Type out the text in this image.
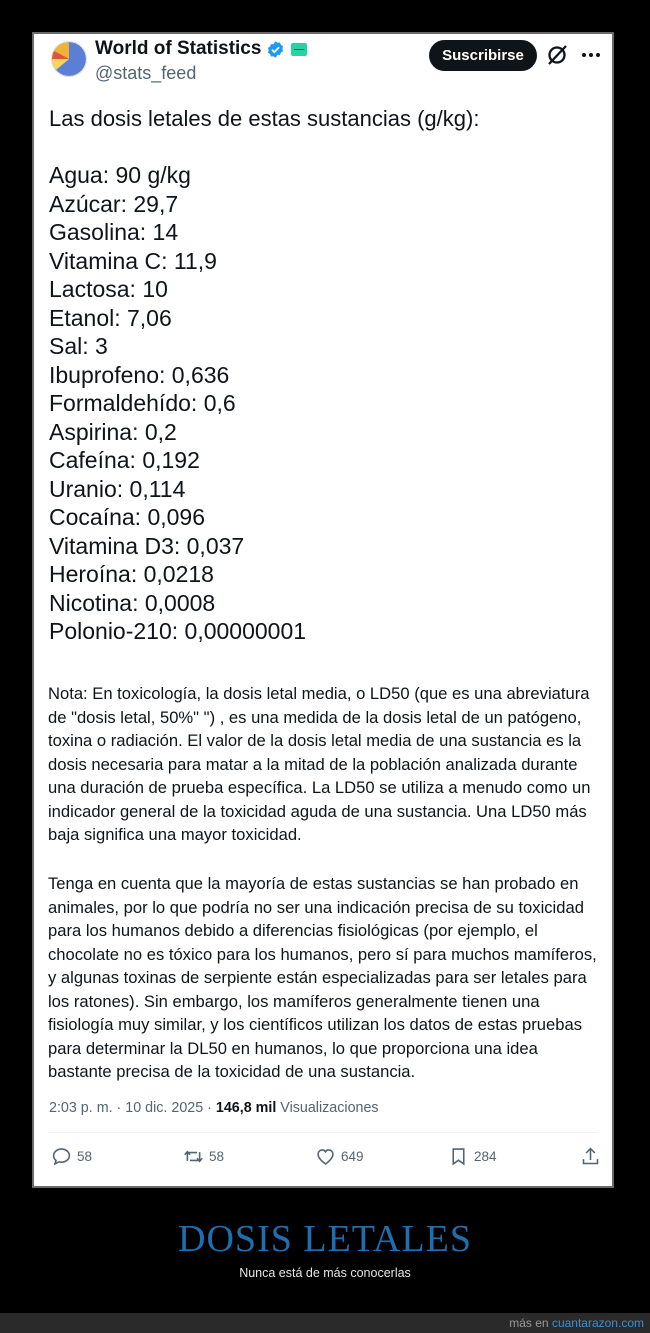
World of Statistics
@stats_feed
Suscribirse
Las dosis letales de estas sustancias (g/kg):
Agua: 90 g/kg
Azúcar: 29,7
Gasolina: 14
Vitamina C: 11,9
Lactosa: 10
Etanol: 7,06
Sal: 3
Ibuprofeno: 0,636
Formaldehído: 0,6
Aspirina: 0,2
Cafeína: 0,192
Uranio: 0,114
Cocaína: 0,096
Vitamina D3: 0,037
Heroína: 0,0218
Nicotina: 0,0008
Polonio-210: 0,00000001

Nota: En toxicología, la dosis letal media, o LD50 (que es una abreviatura de "dosis letal, 50%" ") , es una medida de la dosis letal de un patógeno, toxina o radiación. El valor de la dosis letal media de una sustancia es la dosis necesaria para matar a la mitad de la población analizada durante una duración de prueba específica. La LD50 se utiliza a menudo como un indicador general de la toxicidad aguda de una sustancia. Una LD50 más baja significa una mayor toxicidad.

Tenga en cuenta que la mayoría de estas sustancias se han probado en animales, por lo que podría no ser una indicación precisa de su toxicidad para los humanos debido a diferencias fisiológicas (por ejemplo, el chocolate no es tóxico para los humanos, pero sí para muchos mamíferos, y algunas toxinas de serpiente están especializadas para ser letales para los ratones). Sin embargo, los mamíferos generalmente tienen una fisiología muy similar, y los científicos utilizan los datos de estas pruebas para determinar la DL50 en humanos, lo que proporciona una idea bastante precisa de la toxicidad de una sustancia.

2:03 p. m. · 10 dic. 2025 · 146,8 mil Visualizaciones
58	58	649	284
DOSIS LETALES
Nunca está de más conocerlas
más en cuantarazon.com
